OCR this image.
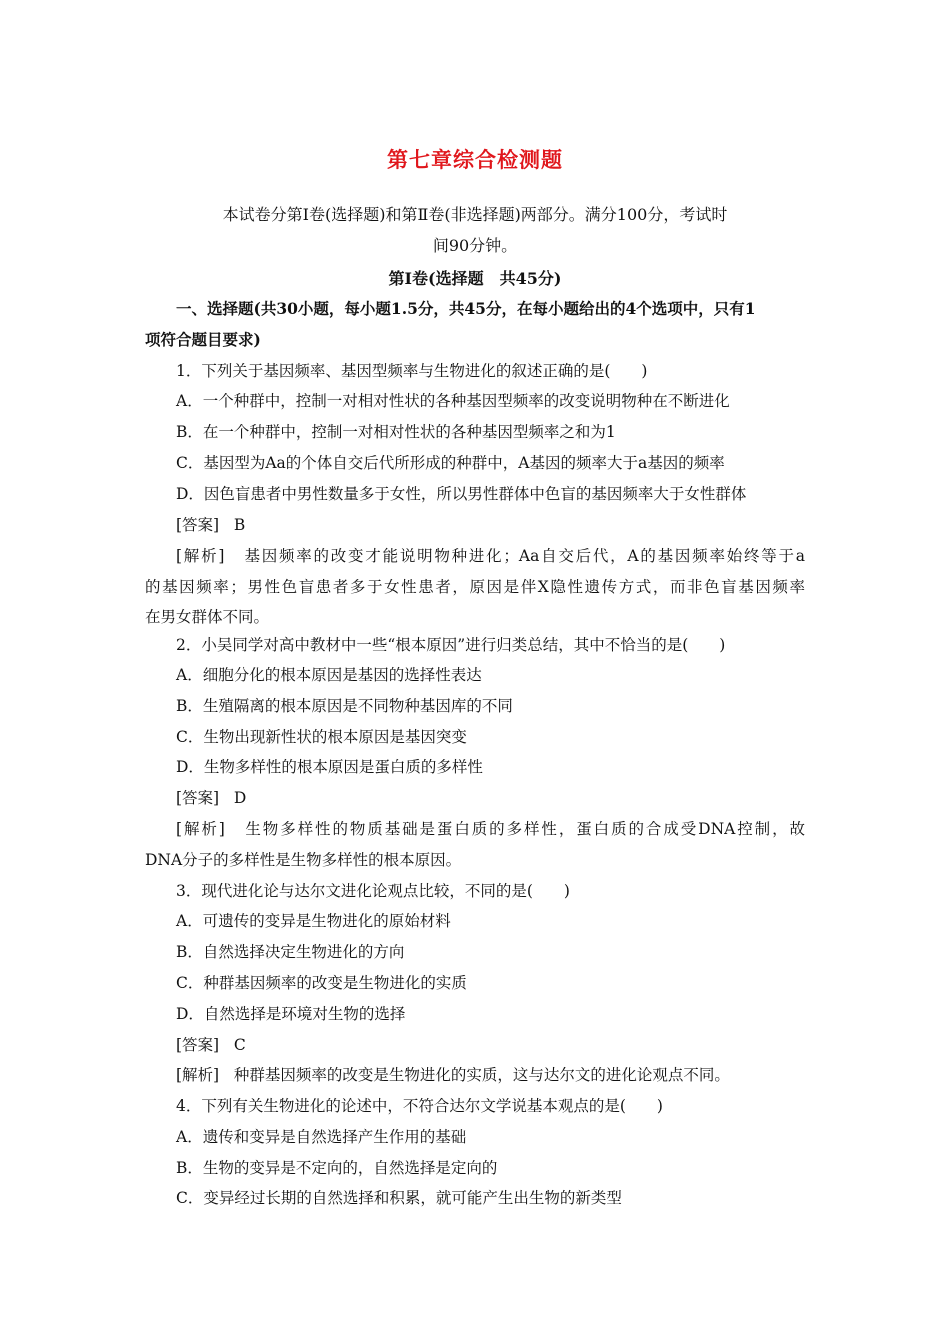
第七章综合检测题
本试卷分第Ⅰ卷(选择题)和第Ⅱ卷(非选择题)两部分。满分100分，考试时
间90分钟。
第Ⅰ卷(选择题　共45分)
一、选择题(共30小题，每小题1.5分，共45分，在每小题给出的4个选项中，只有1
项符合题目要求)
1．下列关于基因频率、基因型频率与生物进化的叙述正确的是(　　)
A．一个种群中，控制一对相对性状的各种基因型频率的改变说明物种在不断进化
B．在一个种群中，控制一对相对性状的各种基因型频率之和为1
C．基因型为Aa的个体自交后代所形成的种群中，A基因的频率大于a基因的频率
D．因色盲患者中男性数量多于女性，所以男性群体中色盲的基因频率大于女性群体
[答案] B
[解析] 基因频率的改变才能说明物种进化；Aa自交后代，A的基因频率始终等于a
的基因频率；男性色盲患者多于女性患者，原因是伴X隐性遗传方式，而非色盲基因频率
在男女群体不同。
2．小吴同学对高中教材中一些“根本原因”进行归类总结，其中不恰当的是(　　)
A．细胞分化的根本原因是基因的选择性表达
B．生殖隔离的根本原因是不同物种基因库的不同
C．生物出现新性状的根本原因是基因突变
D．生物多样性的根本原因是蛋白质的多样性
[答案] D
[解析] 生物多样性的物质基础是蛋白质的多样性，蛋白质的合成受DNA控制，故
DNA分子的多样性是生物多样性的根本原因。
3．现代进化论与达尔文进化论观点比较，不同的是(　　)
A．可遗传的变异是生物进化的原始材料
B．自然选择决定生物进化的方向
C．种群基因频率的改变是生物进化的实质
D．自然选择是环境对生物的选择
[答案] C
[解析] 种群基因频率的改变是生物进化的实质，这与达尔文的进化论观点不同。
4．下列有关生物进化的论述中，不符合达尔文学说基本观点的是(　　)
A．遗传和变异是自然选择产生作用的基础
B．生物的变异是不定向的，自然选择是定向的
C．变异经过长期的自然选择和积累，就可能产生出生物的新类型
